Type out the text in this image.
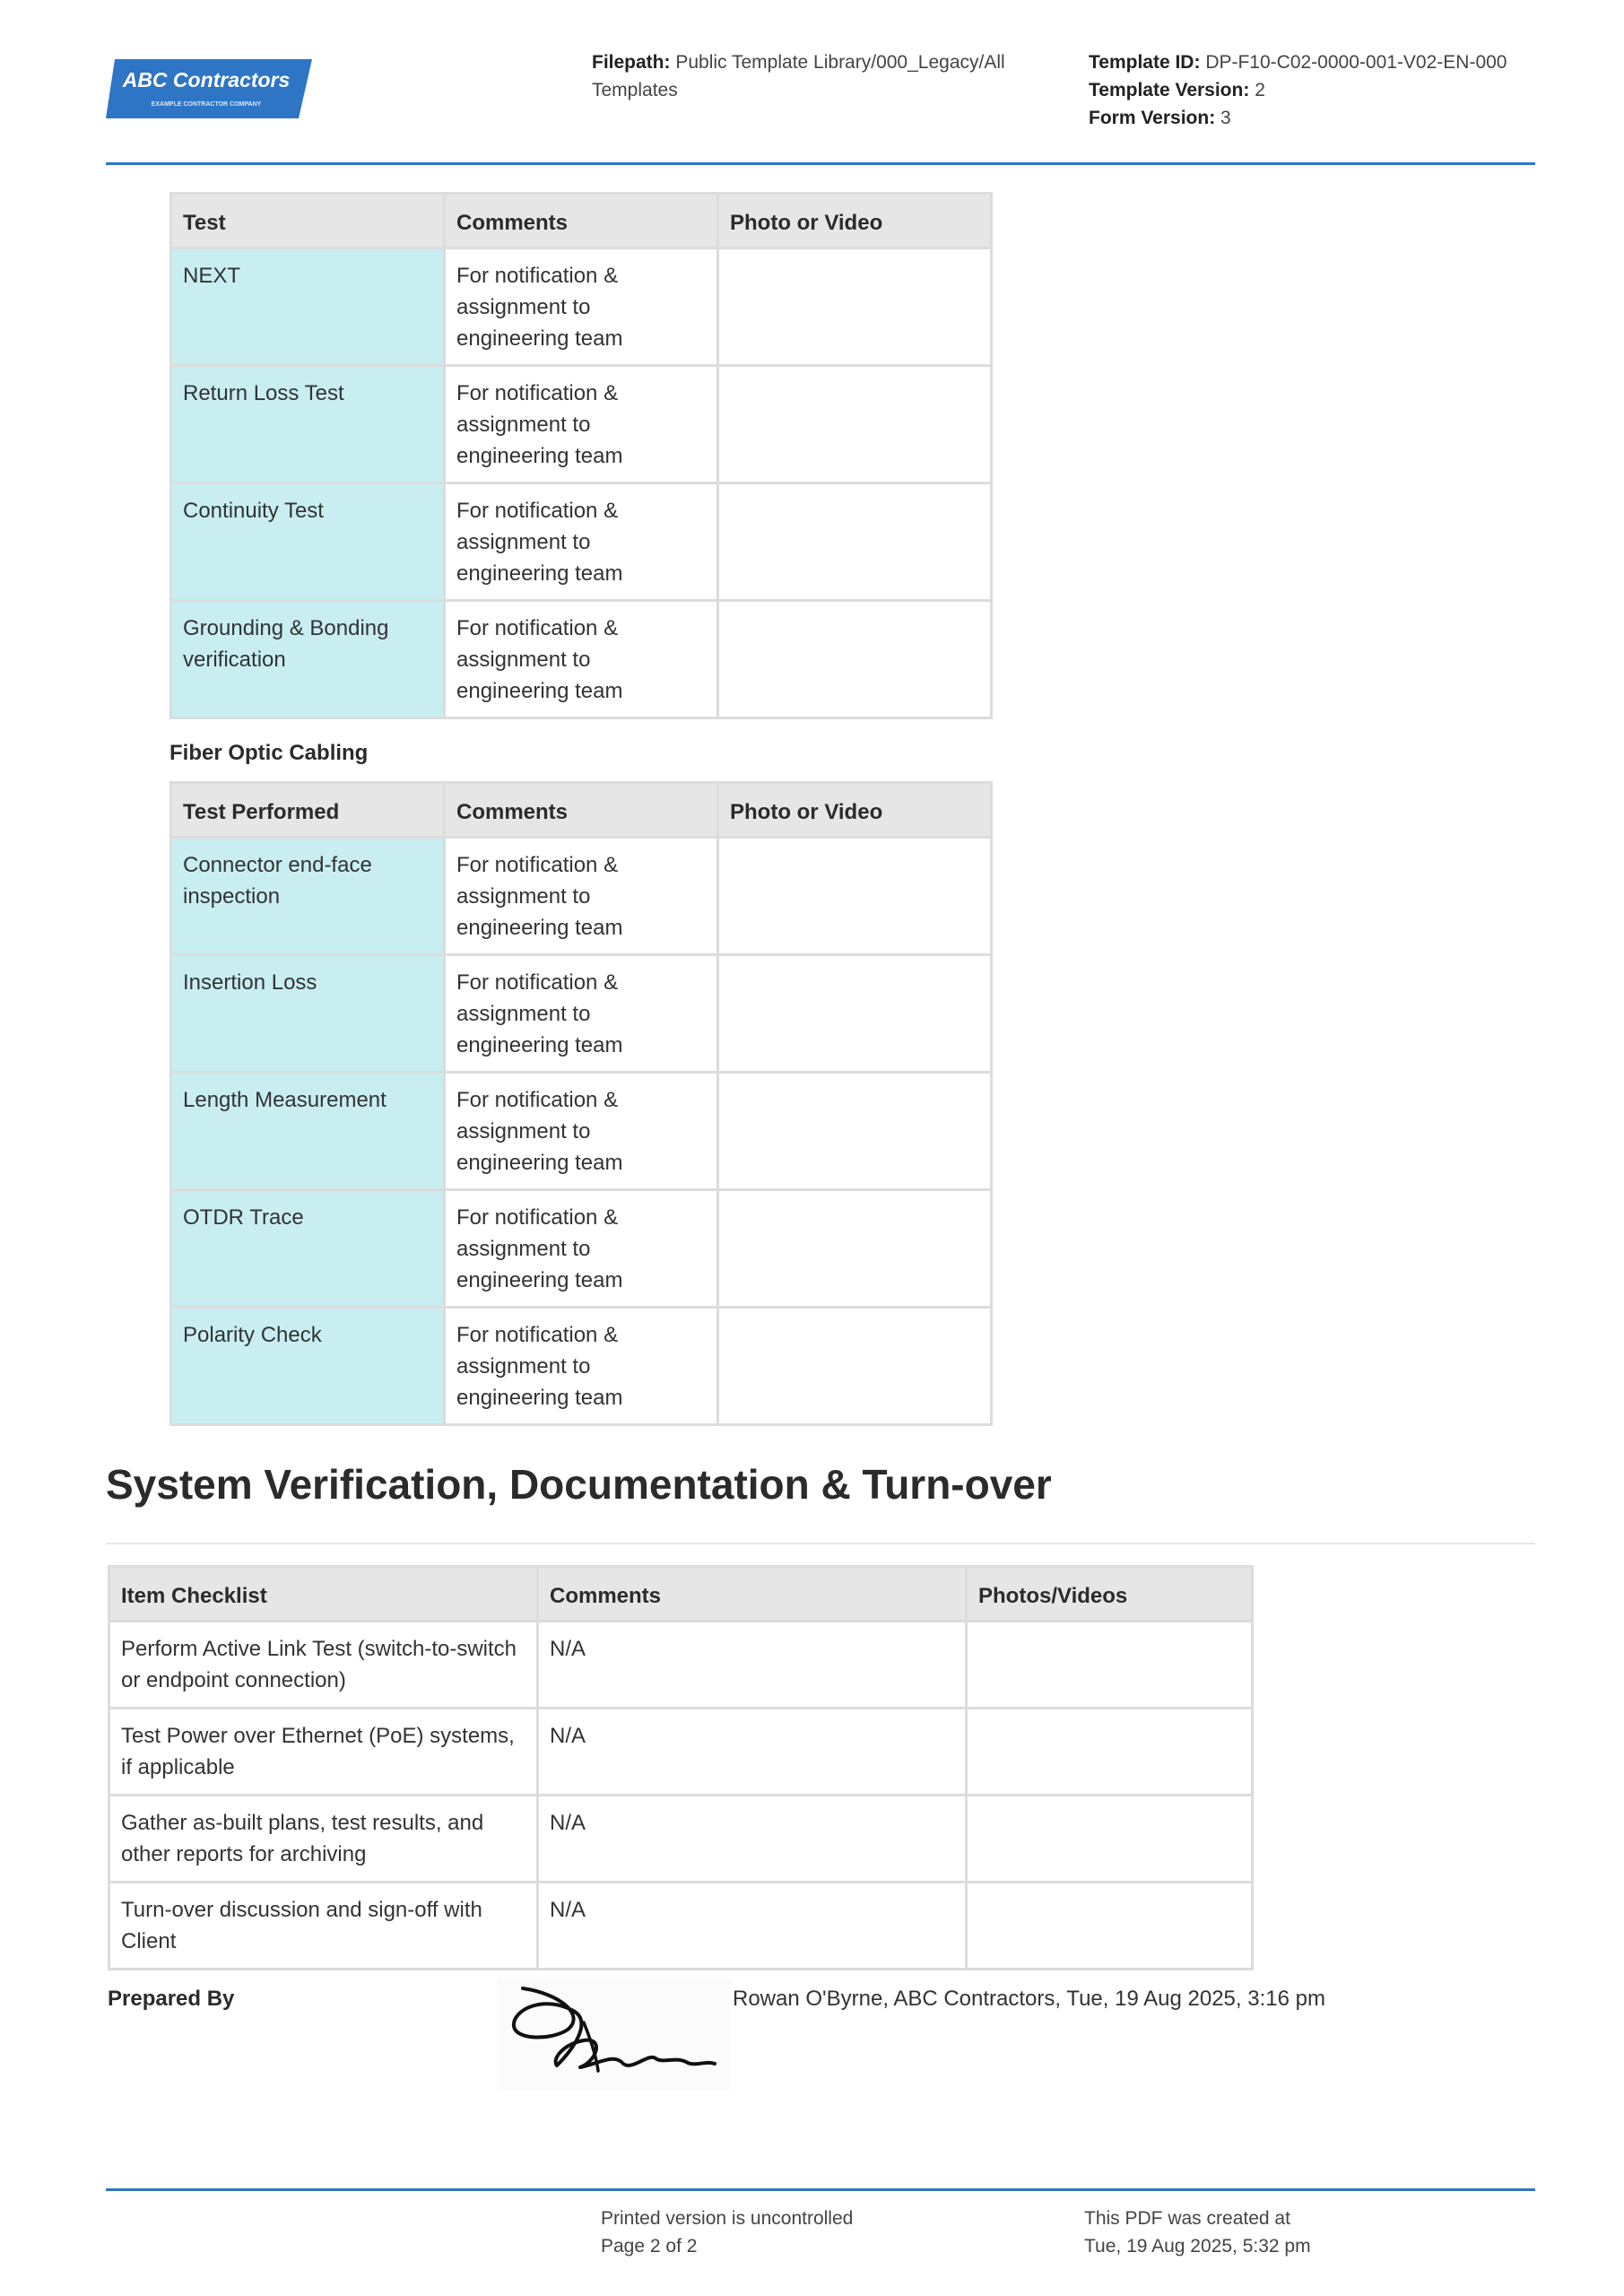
ABC Contractors
EXAMPLE CONTRACTOR COMPANY
Filepath: Public Template Library/000_Legacy/All Templates
Template ID: DP-F10-C02-0000-001-V02-EN-000
Template Version: 2
Form Version: 3
Test	Comments	Photo or Video
NEXT	For notification & assignment to engineering team	
Return Loss Test	For notification & assignment to engineering team	
Continuity Test	For notification & assignment to engineering team	
Grounding & Bonding verification	For notification & assignment to engineering team	
Fiber Optic Cabling
Test Performed	Comments	Photo or Video
Connector end-face inspection	For notification & assignment to engineering team	
Insertion Loss	For notification & assignment to engineering team	
Length Measurement	For notification & assignment to engineering team	
OTDR Trace	For notification & assignment to engineering team	
Polarity Check	For notification & assignment to engineering team	
System Verification, Documentation & Turn-over
Item Checklist	Comments	Photos/Videos
Perform Active Link Test (switch-to-switch or endpoint connection)	N/A	
Test Power over Ethernet (PoE) systems, if applicable	N/A	
Gather as-built plans, test results, and other reports for archiving	N/A	
Turn-over discussion and sign-off with Client	N/A	
Prepared By	Rowan O'Byrne, ABC Contractors, Tue, 19 Aug 2025, 3:16 pm
Printed version is uncontrolled
Page 2 of 2
This PDF was created at
Tue, 19 Aug 2025, 5:32 pm
